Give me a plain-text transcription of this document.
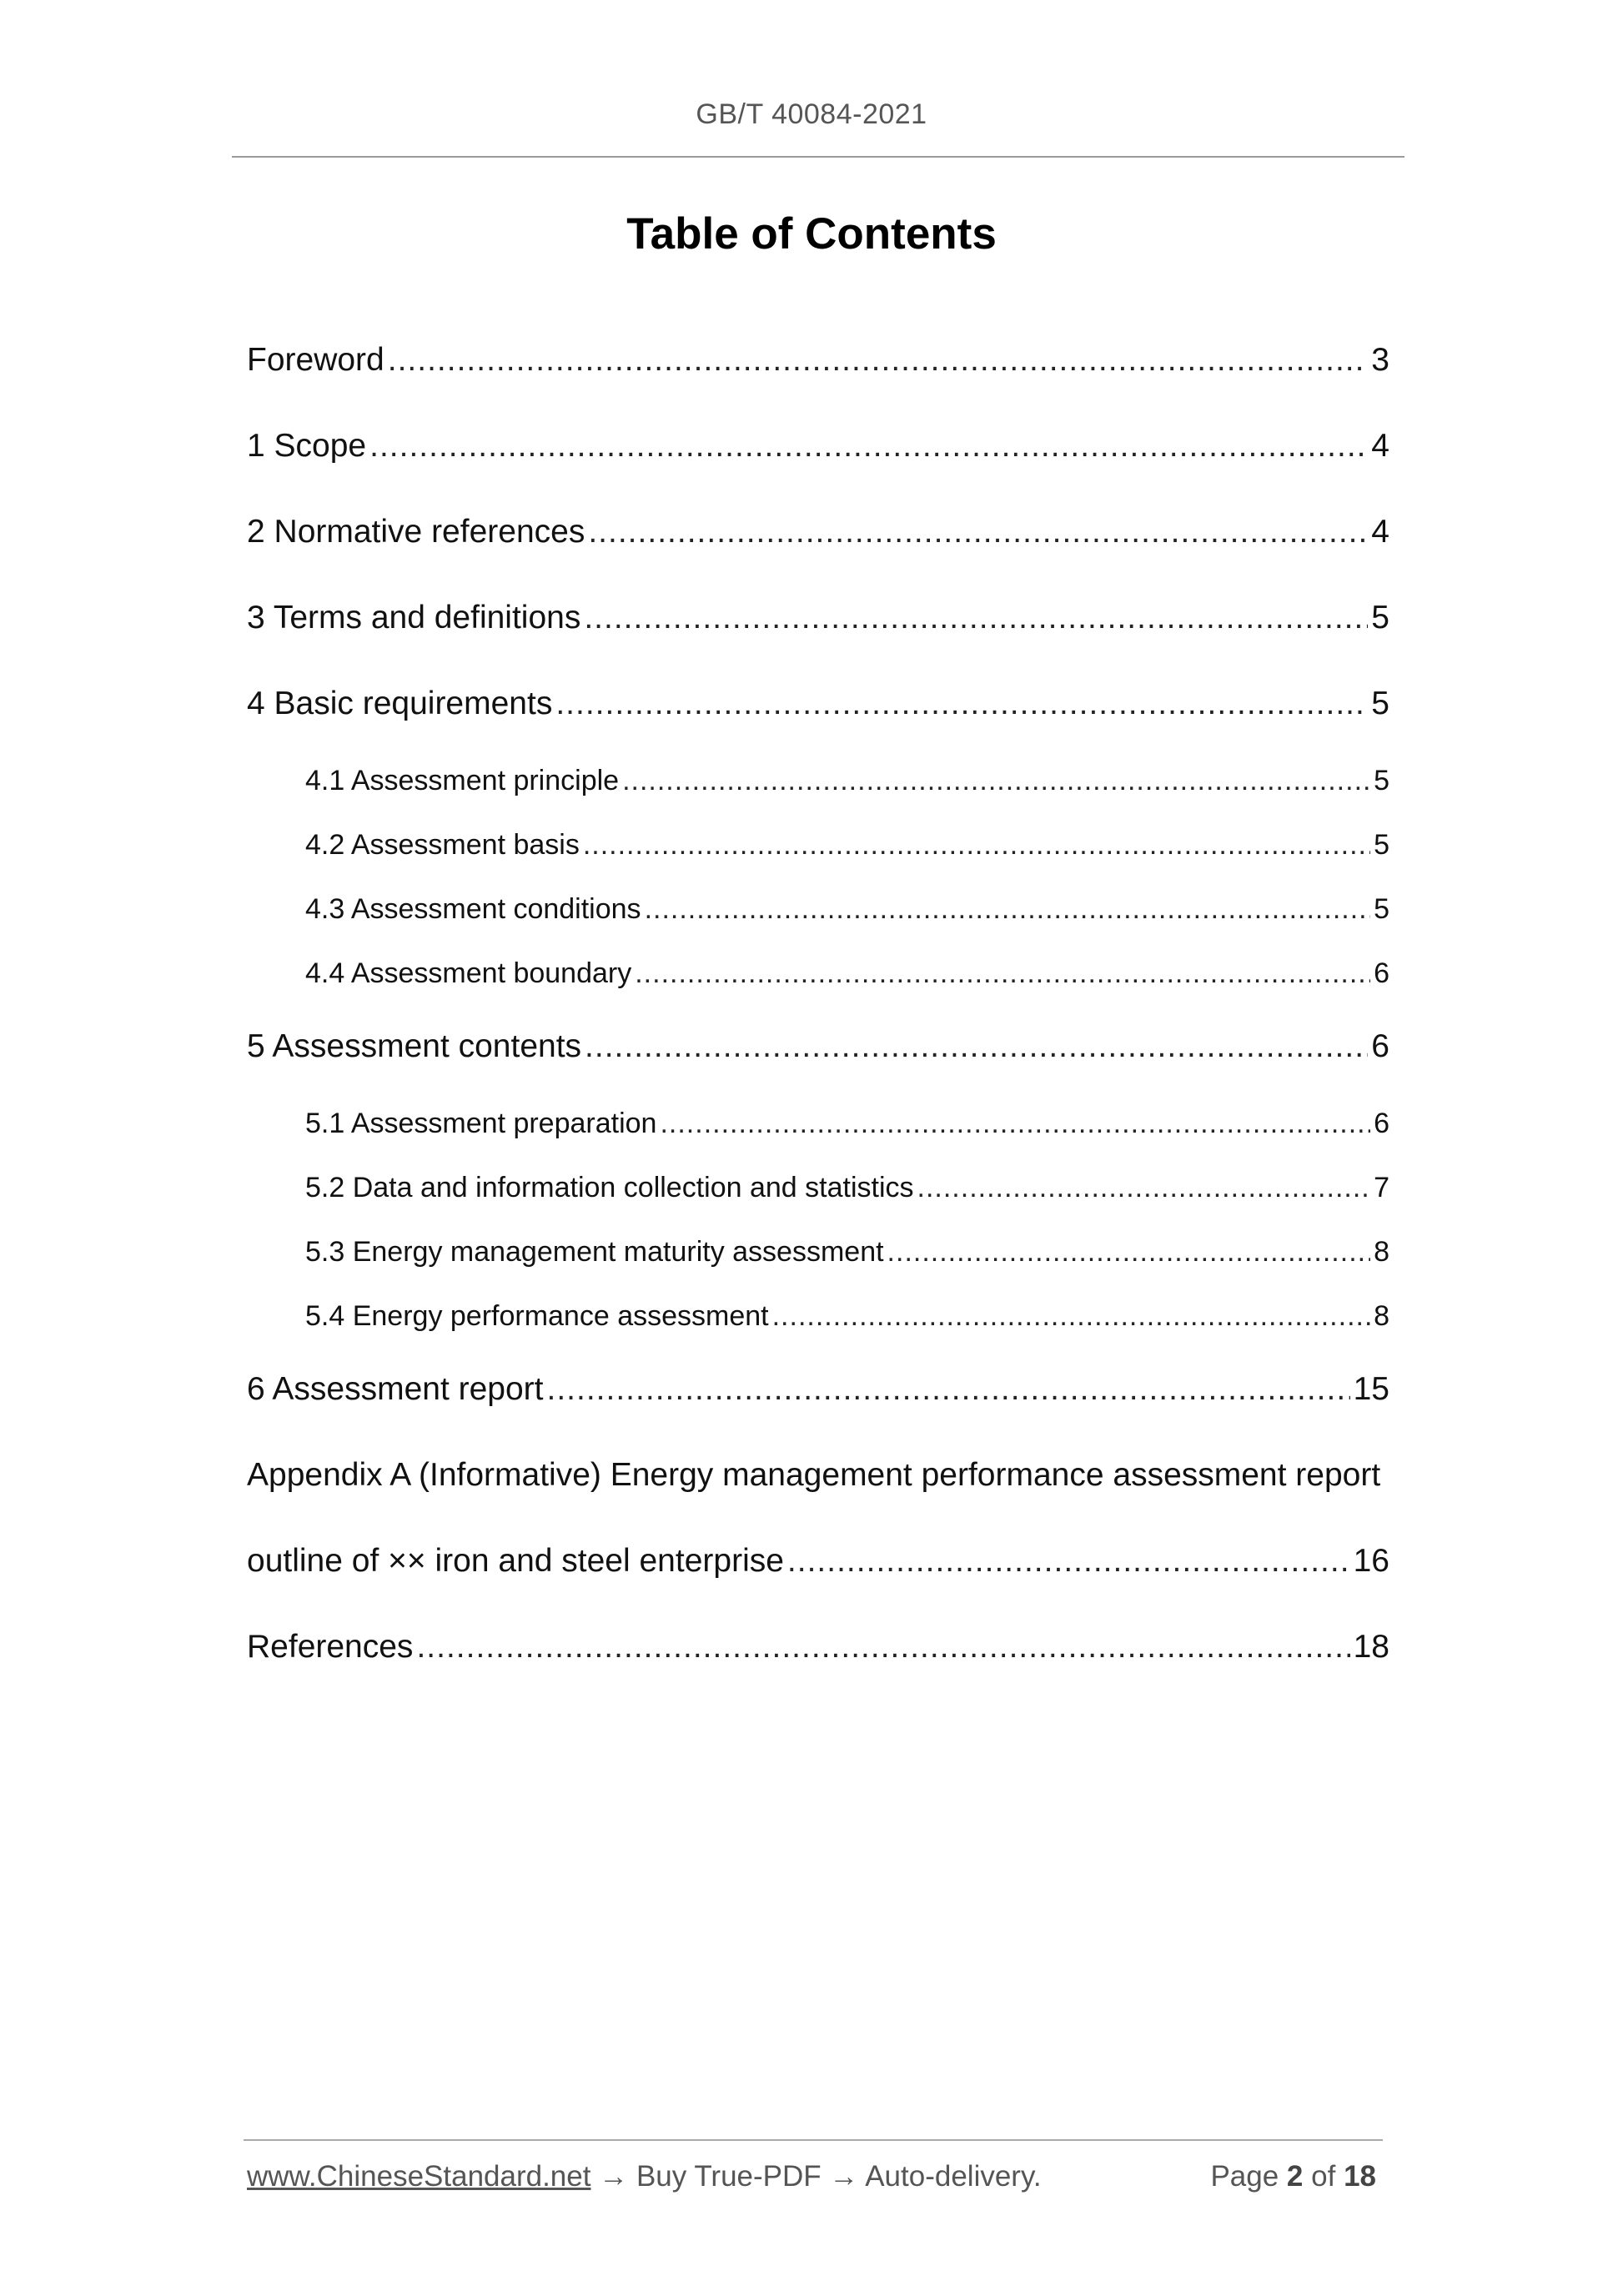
GB/T 40084-2021
Table of Contents
Foreword .....	3
1 Scope .....	4
2 Normative references .....	4
3 Terms and definitions .....	5
4 Basic requirements .....	5
4.1 Assessment principle .....	5
4.2 Assessment basis .....	5
4.3 Assessment conditions .....	5
4.4 Assessment boundary .....	6
5 Assessment contents .....	6
5.1 Assessment preparation .....	6
5.2 Data and information collection and statistics .....	7
5.3 Energy management maturity assessment .....	8
5.4 Energy performance assessment .....	8
6 Assessment report .....	15
Appendix A (Informative) Energy management performance assessment report
outline of ×× iron and steel enterprise .....	16
References .....	18
www.ChineseStandard.net → Buy True-PDF → Auto-delivery.	Page 2 of 18
